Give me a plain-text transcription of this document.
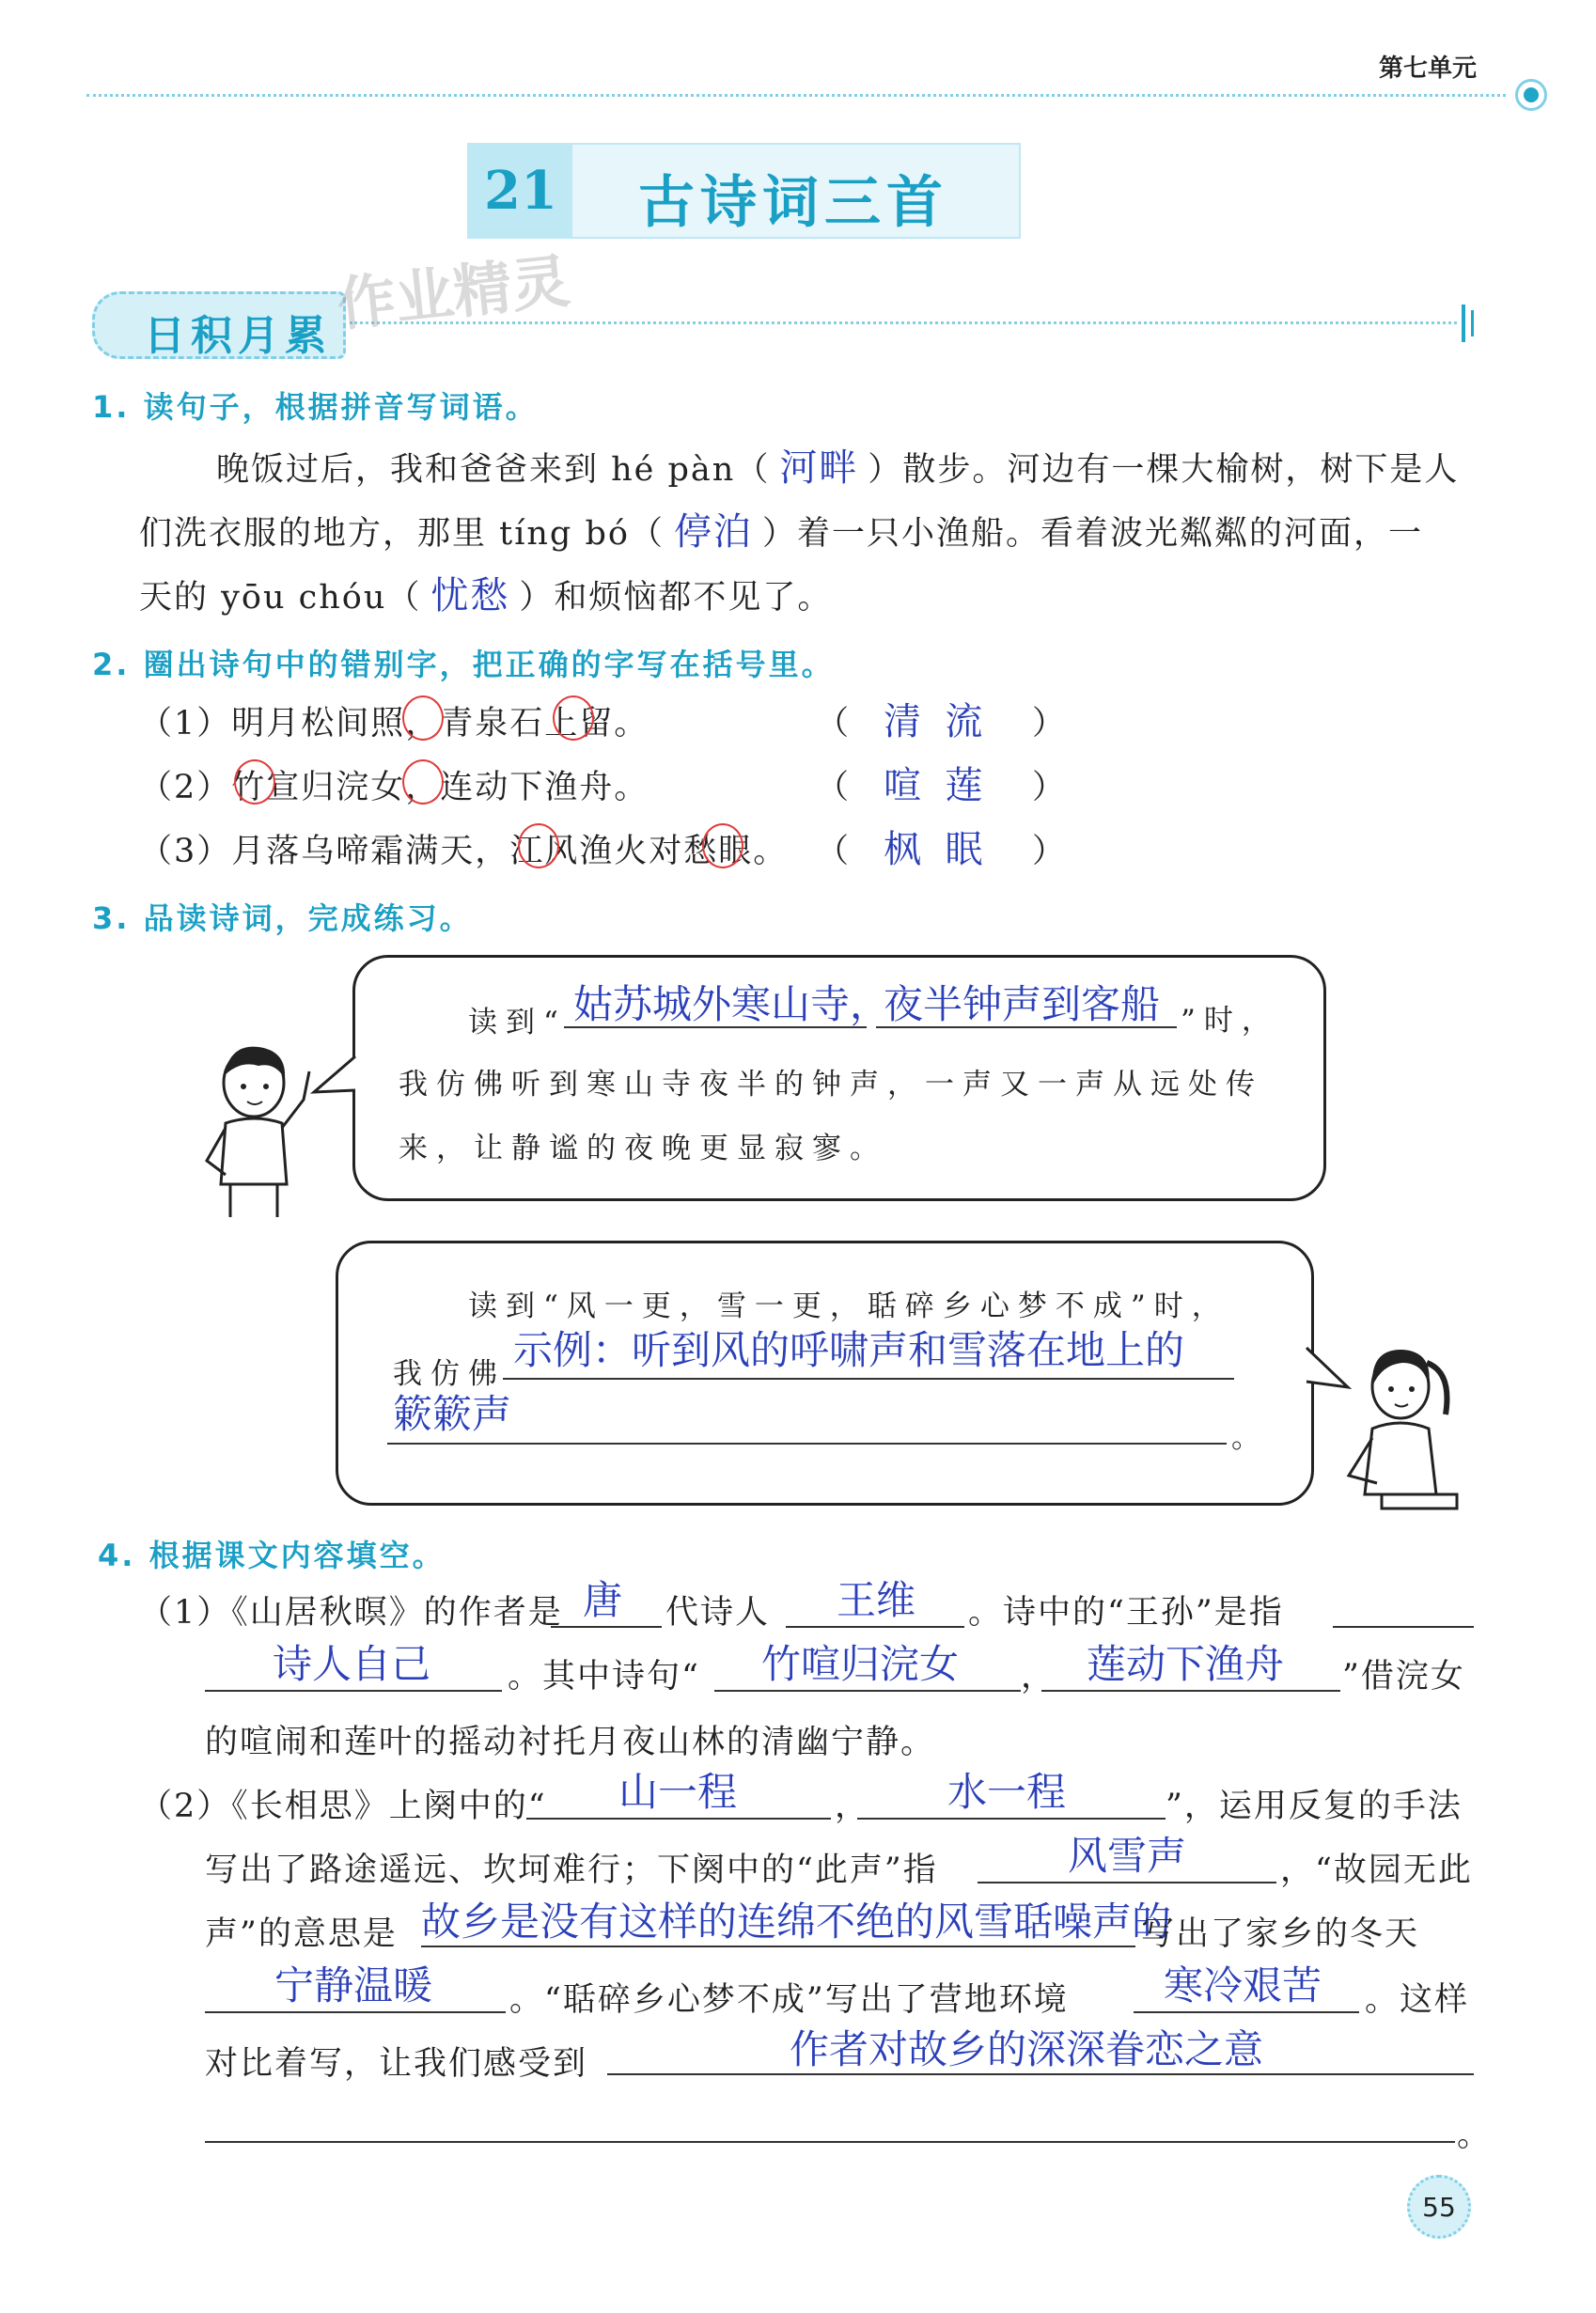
第七单元
21 古诗词三首
日积月累 作业精灵
1. 读句子，根据拼音写词语。
晚饭过后，我和爸爸来到 hé pàn（ 河畔 ）散步。河边有一棵大榆树，树下是人
们洗衣服的地方，那里 tíng bó（ 停泊 ）着一只小渔船。看着波光粼粼的河面，一
天的 yōu chóu（ 忧愁 ）和烦恼都不见了。
2. 圈出诗句中的错别字，把正确的字写在括号里。
（1）明月松间照，青泉石上留。	（ 清  流 ）
（2）竹宣归浣女，连动下渔舟。	（ 喧  莲 ）
（3）月落乌啼霜满天，江风渔火对愁眼。 （ 枫  眠 ）
3. 品读诗词，完成练习。
读到“ 姑苏城外寒山寺，
夜半钟声到客船 ”时，
我仿佛听到寒山寺夜半的钟声，一声又一声从远处传
来，让静谧的夜晚更显寂寥。
读到“风一更，雪一更，聒碎乡心梦不成”时，
我仿佛
示例：听到风的呼啸声和雪落在地上的
簌簌声
。
4. 根据课文内容填空。
（1）《山居秋暝》的作者是 唐 代诗人 王维 。诗中的“王孙”是指
诗人自己 。其中诗句“ 竹喧归浣女 ， 莲动下渔舟 ”借浣女
的喧闹和莲叶的摇动衬托月夜山林的清幽宁静。
（2）《长相思》上阕中的“ 山一程	， 水一程	”，运用反复的手法
写出了路途遥远、坎坷难行；下阕中的“此声”指	风雪声	，“故园无此
声”的意思是 故乡是没有这样的连绵不绝的风雪聒噪声的
写出了家乡的冬天
宁静温暖 。“聒碎乡心梦不成”写出了营地环境 寒冷艰苦 。这样
对比着写，让我们感受到	作者对故乡的深深眷恋之意
。
55
